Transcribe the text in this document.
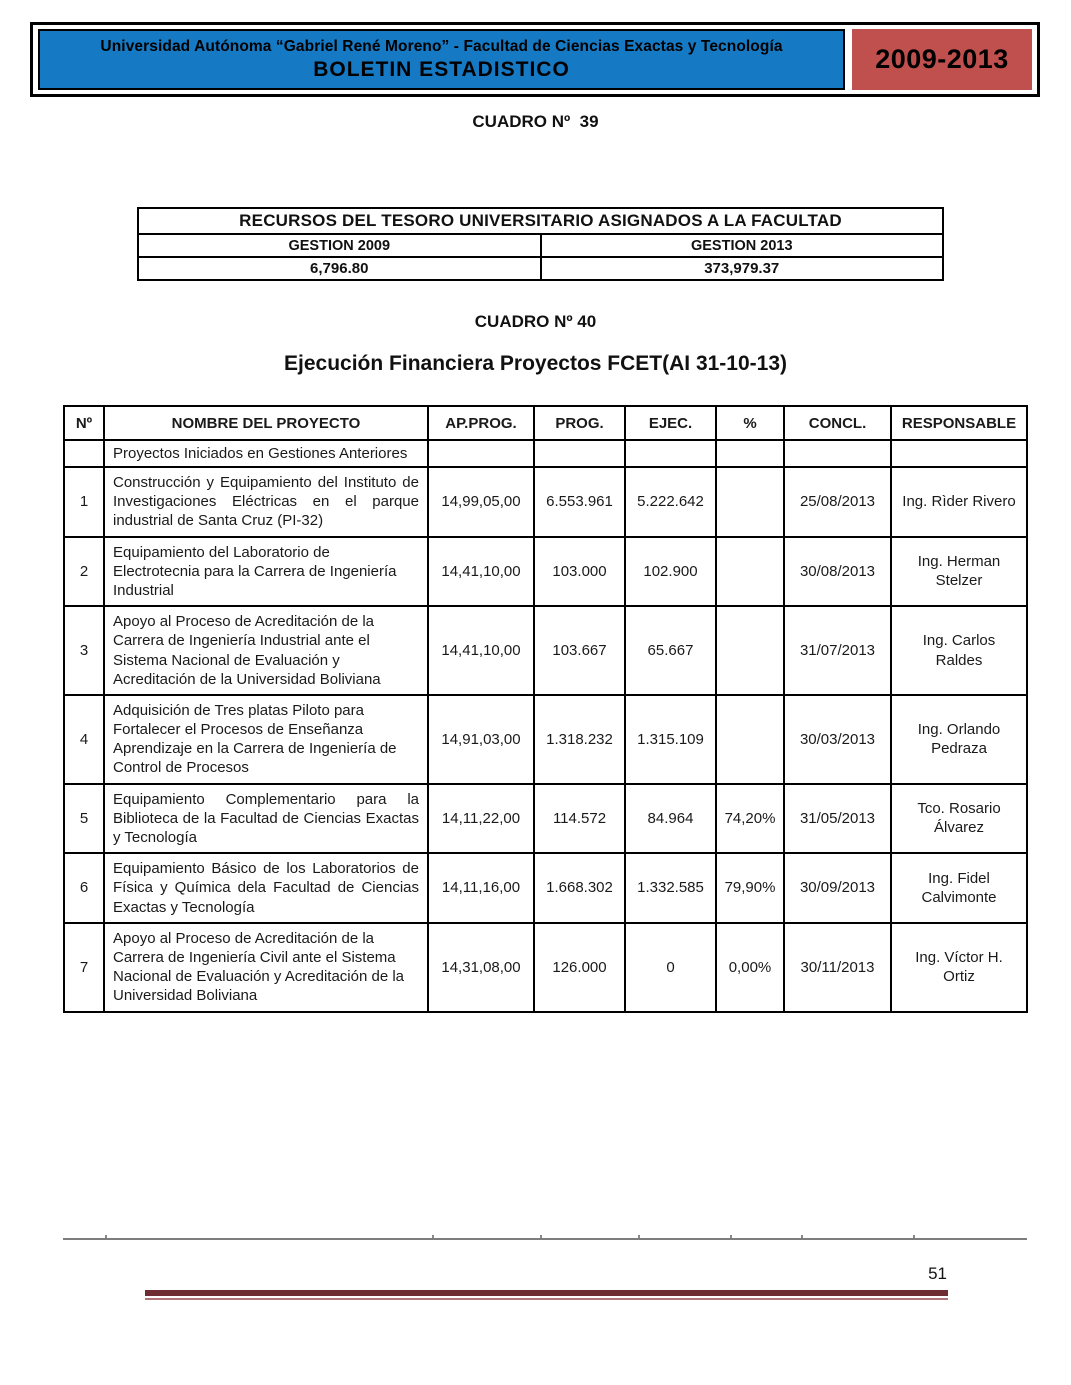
Universidad Autónoma “Gabriel René Moreno” - Facultad de Ciencias Exactas y Tecnología
BOLETIN ESTADISTICO	2009-2013
CUADRO Nº  39
RECURSOS DEL TESORO UNIVERSITARIO ASIGNADOS A LA FACULTAD	
GESTION 2009	GESTION 2013
6,796.80	373,979.37
CUADRO Nº 40
Ejecución Financiera Proyectos FCET(AI 31-10-13)
Nº	NOMBRE DEL PROYECTO	AP.PROG.	PROG.	EJEC.	%	CONCL.	RESPONSABLE
	Proyectos Iniciados en Gestiones Anteriores						
1	Construcción y Equipamiento del Instituto de Investigaciones Eléctricas en el parque industrial de Santa Cruz (PI-32)	14,99,05,00	6.553.961	5.222.642		25/08/2013	Ing. Rìder Rivero
2	Equipamiento del Laboratorio de Electrotecnia para la Carrera de Ingeniería Industrial	14,41,10,00	103.000	102.900		30/08/2013	Ing. Herman Stelzer
3	Apoyo al Proceso de Acreditación de la Carrera de Ingeniería Industrial ante el Sistema Nacional de Evaluación y Acreditación de la Universidad Boliviana	14,41,10,00	103.667	65.667		31/07/2013	Ing. Carlos Raldes
4	Adquisición de Tres platas Piloto para Fortalecer el Procesos de Enseñanza Aprendizaje en la Carrera de Ingeniería de Control de Procesos	14,91,03,00	1.318.232	1.315.109		30/03/2013	Ing. Orlando Pedraza
5	Equipamiento Complementario para la Biblioteca de la Facultad de Ciencias Exactas y Tecnología	14,11,22,00	114.572	84.964	74,20%	31/05/2013	Tco. Rosario Álvarez
6	Equipamiento Básico de los Laboratorios de Física y Química dela Facultad de Ciencias Exactas y Tecnología	14,11,16,00	1.668.302	1.332.585	79,90%	30/09/2013	Ing. Fidel Calvimonte
7	Apoyo al Proceso de Acreditación de la Carrera de Ingeniería Civil ante el Sistema Nacional de Evaluación y Acreditación de la Universidad Boliviana	14,31,08,00	126.000	0	0,00%	30/11/2013	Ing. Víctor H. Ortiz
51
